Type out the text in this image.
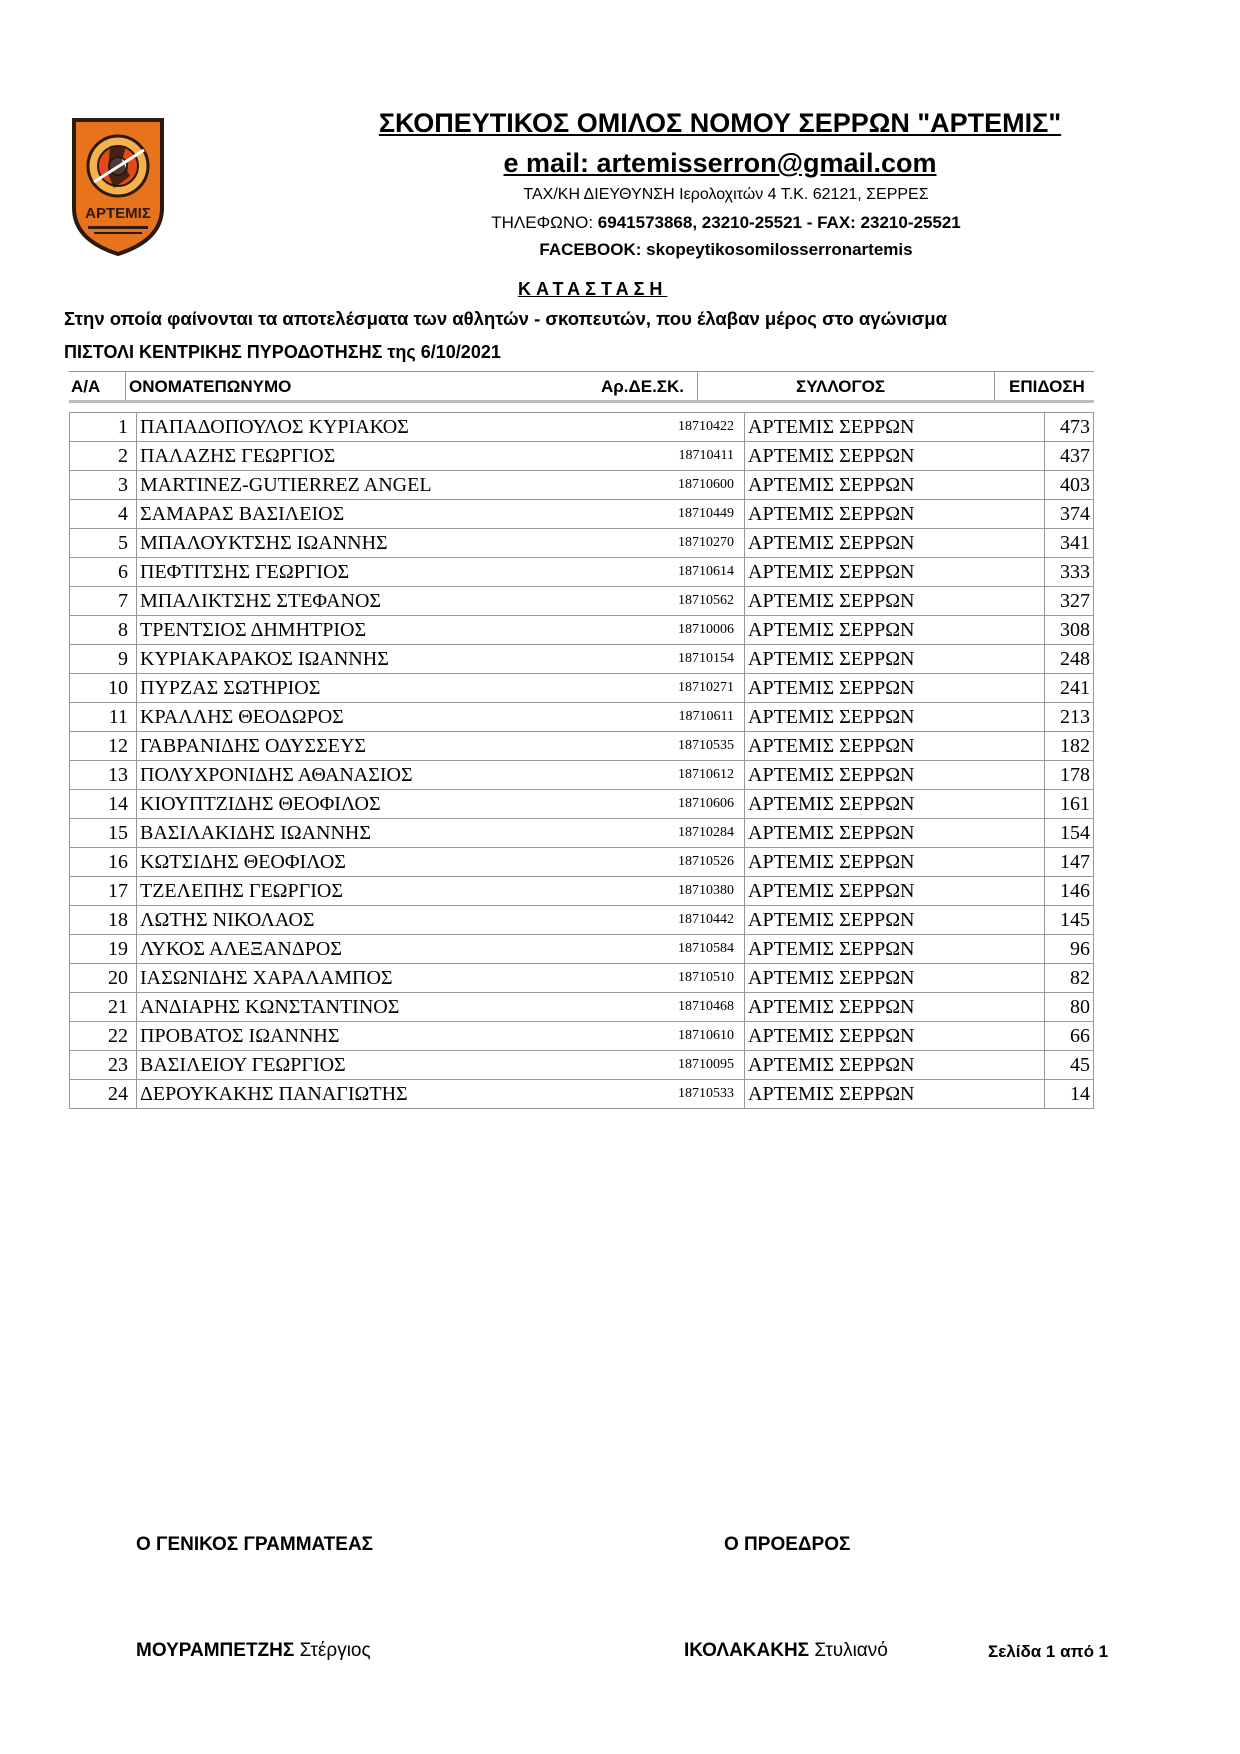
ΑΡΤΕΜΙΣ
ΣΚΟΠΕΥΤΙΚΟΣ ΟΜΙΛΟΣ ΝΟΜΟΥ ΣΕΡΡΩΝ "ΑΡΤΕΜΙΣ"
e mail: artemisserron@gmail.com
ΤΑΧ/ΚΗ ΔΙΕΥΘΥΝΣΗ Ιερολοχιτών 4 Τ.Κ. 62121, ΣΕΡΡΕΣ
ΤΗΛΕΦΩΝΟ: 6941573868, 23210-25521 - FAX: 23210-25521
FACEBOOK: skopeytikosomilosserronartemis
ΚΑΤΑΣΤΑΣΗ
Στην οποία φαίνονται τα αποτελέσματα των αθλητών - σκοπευτών, που έλαβαν μέρος στο αγώνισμα
ΠΙΣΤΟΛΙ ΚΕΝΤΡΙΚΗΣ ΠΥΡΟΔΟΤΗΣΗΣ της 6/10/2021
Α/Α ΟΝΟΜΑΤΕΠΩΝΥΜΟ	Αρ.ΔΕ.ΣΚ.	ΣΥΛΛΟΓΟΣ	ΕΠΙΔΟΣΗ
1	ΠΑΠΑΔΟΠΟΥΛΟΣ ΚΥΡΙΑΚΟΣ	18710422	ΑΡΤΕΜΙΣ ΣΕΡΡΩΝ	473
2	ΠΑΛΑΖΗΣ ΓΕΩΡΓΙΟΣ	18710411	ΑΡΤΕΜΙΣ ΣΕΡΡΩΝ	437
3	MARTINEZ-GUTIERREZ ANGEL	18710600	ΑΡΤΕΜΙΣ ΣΕΡΡΩΝ	403
4	ΣΑΜΑΡΑΣ ΒΑΣΙΛΕΙΟΣ	18710449	ΑΡΤΕΜΙΣ ΣΕΡΡΩΝ	374
5	ΜΠΑΛΟΥΚΤΣΗΣ ΙΩΑΝΝΗΣ	18710270	ΑΡΤΕΜΙΣ ΣΕΡΡΩΝ	341
6	ΠΕΦΤΙΤΣΗΣ ΓΕΩΡΓΙΟΣ	18710614	ΑΡΤΕΜΙΣ ΣΕΡΡΩΝ	333
7	ΜΠΑΛΙΚΤΣΗΣ ΣΤΕΦΑΝΟΣ	18710562	ΑΡΤΕΜΙΣ ΣΕΡΡΩΝ	327
8	ΤΡΕΝΤΣΙΟΣ ΔΗΜΗΤΡΙΟΣ	18710006	ΑΡΤΕΜΙΣ ΣΕΡΡΩΝ	308
9	ΚΥΡΙΑΚΑΡΑΚΟΣ ΙΩΑΝΝΗΣ	18710154	ΑΡΤΕΜΙΣ ΣΕΡΡΩΝ	248
10	ΠΥΡΖΑΣ ΣΩΤΗΡΙΟΣ	18710271	ΑΡΤΕΜΙΣ ΣΕΡΡΩΝ	241
11	ΚΡΑΛΛΗΣ ΘΕΟΔΩΡΟΣ	18710611	ΑΡΤΕΜΙΣ ΣΕΡΡΩΝ	213
12	ΓΑΒΡΑΝΙΔΗΣ ΟΔΥΣΣΕΥΣ	18710535	ΑΡΤΕΜΙΣ ΣΕΡΡΩΝ	182
13	ΠΟΛΥΧΡΟΝΙΔΗΣ ΑΘΑΝΑΣΙΟΣ	18710612	ΑΡΤΕΜΙΣ ΣΕΡΡΩΝ	178
14	ΚΙΟΥΠΤΖΙΔΗΣ ΘΕΟΦΙΛΟΣ	18710606	ΑΡΤΕΜΙΣ ΣΕΡΡΩΝ	161
15	ΒΑΣΙΛΑΚΙΔΗΣ ΙΩΑΝΝΗΣ	18710284	ΑΡΤΕΜΙΣ ΣΕΡΡΩΝ	154
16	ΚΩΤΣΙΔΗΣ ΘΕΟΦΙΛΟΣ	18710526	ΑΡΤΕΜΙΣ ΣΕΡΡΩΝ	147
17	ΤΖΕΛΕΠΗΣ ΓΕΩΡΓΙΟΣ	18710380	ΑΡΤΕΜΙΣ ΣΕΡΡΩΝ	146
18	ΛΩΤΗΣ ΝΙΚΟΛΑΟΣ	18710442	ΑΡΤΕΜΙΣ ΣΕΡΡΩΝ	145
19	ΛΥΚΟΣ ΑΛΕΞΑΝΔΡΟΣ	18710584	ΑΡΤΕΜΙΣ ΣΕΡΡΩΝ	96
20	ΙΑΣΩΝΙΔΗΣ ΧΑΡΑΛΑΜΠΟΣ	18710510	ΑΡΤΕΜΙΣ ΣΕΡΡΩΝ	82
21	ΑΝΔΙΑΡΗΣ ΚΩΝΣΤΑΝΤΙΝΟΣ	18710468	ΑΡΤΕΜΙΣ ΣΕΡΡΩΝ	80
22	ΠΡΟΒΑΤΟΣ ΙΩΑΝΝΗΣ	18710610	ΑΡΤΕΜΙΣ ΣΕΡΡΩΝ	66
23	ΒΑΣΙΛΕΙΟΥ ΓΕΩΡΓΙΟΣ	18710095	ΑΡΤΕΜΙΣ ΣΕΡΡΩΝ	45
24	ΔΕΡΟΥΚΑΚΗΣ ΠΑΝΑΓΙΩΤΗΣ	18710533	ΑΡΤΕΜΙΣ ΣΕΡΡΩΝ	14
Ο ΓΕΝΙΚΟΣ ΓΡΑΜΜΑΤΕΑΣ	Ο ΠΡΟΕΔΡΟΣ
ΜΟΥΡΑΜΠΕΤΖΗΣ Στέργιος	ΙΚΟΛΑΚΑΚΗΣ Στυλιανό	Σελίδα 1 από 1
